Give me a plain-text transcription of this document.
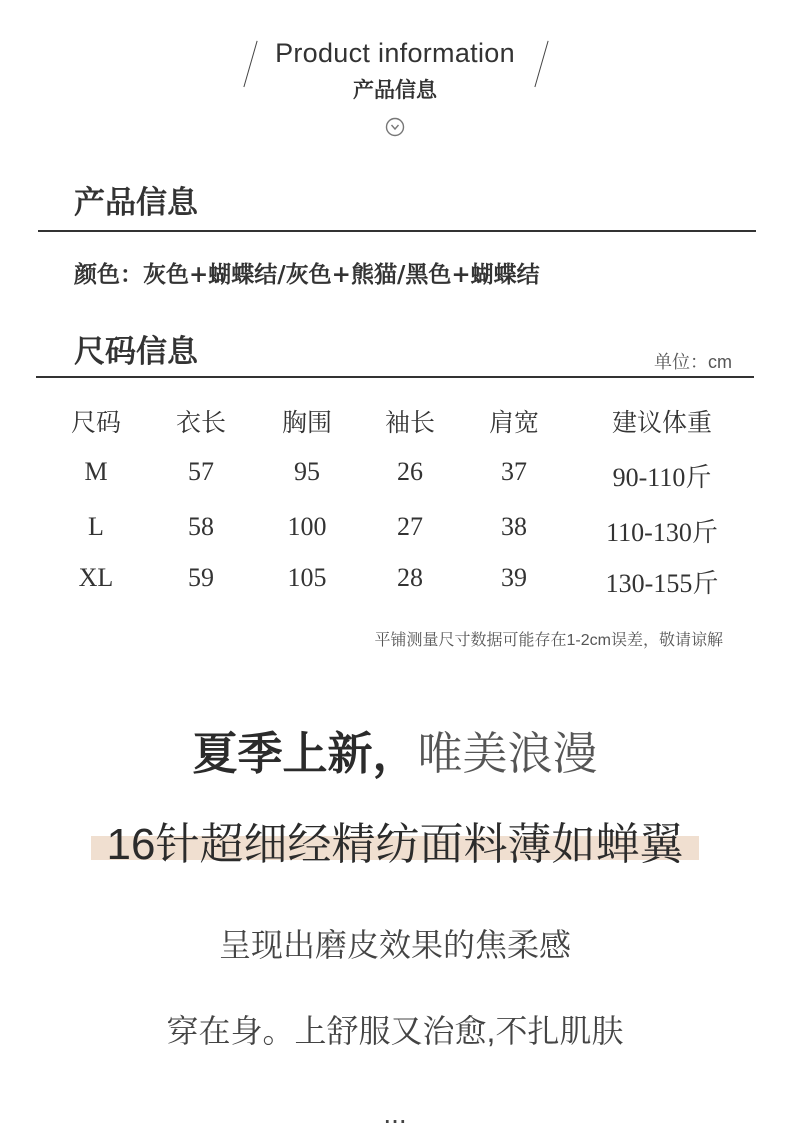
Product information
产品信息
产品信息
颜色：灰色+蝴蝶结/灰色+熊猫/黑色+蝴蝶结
尺码信息	单位：cm
尺码	衣长	胸围	袖长	肩宽	建议体重
M	57	95	26	37	90-110斤
L	58	100	27	38	110-130斤
XL	59	105	28	39	130-155斤
平铺测量尺寸数据可能存在1-2cm误差，敬请谅解
夏季上新，唯美浪漫
16针超细经精纺面料薄如蝉翼
呈现出磨皮效果的焦柔感
穿在身。上舒服又治愈,不扎肌肤
...
